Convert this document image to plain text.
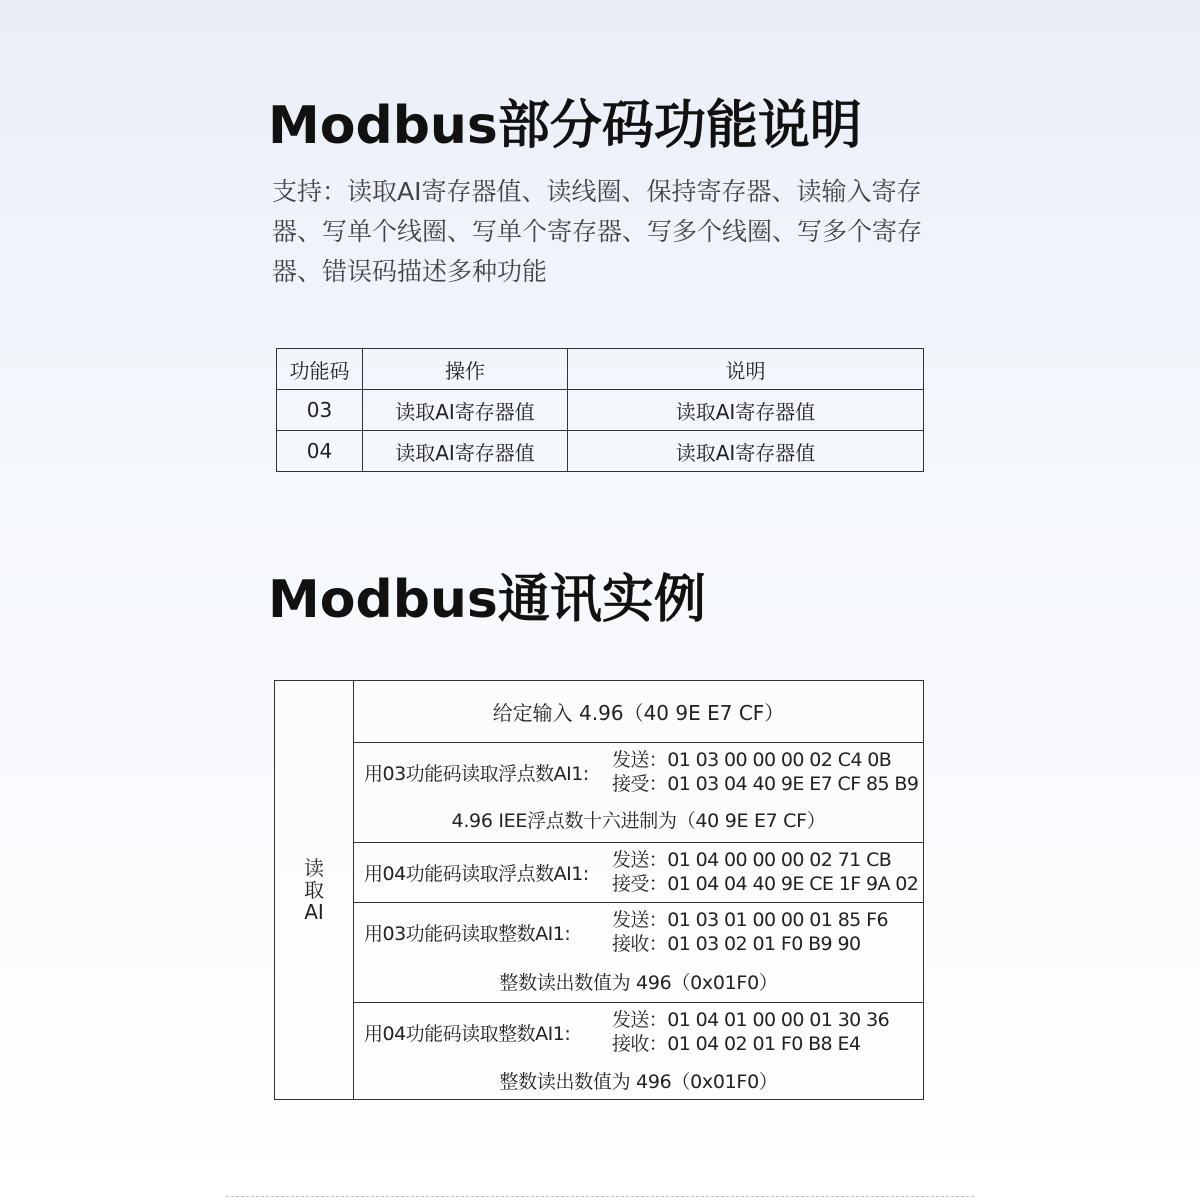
Modbus部分码功能说明

支持：读取AI寄存器值、读线圈、保持寄存器、读输入寄存器、写单个线圈、写单个寄存器、写多个线圈、写多个寄存器、错误码描述多种功能

功能码	操作	说明
03	读取AI寄存器值	读取AI寄存器值
04	读取AI寄存器值	读取AI寄存器值
Modbus通讯实例
读取AI
给定输入 4.96（40 9E E7 CF）
用03功能码读取浮点数AI1:
发送：01 03 00 00 00 02 C4 0B
接受：01 03 04 40 9E E7 CF 85 B9
4.96 IEE浮点数十六进制为（40 9E E7 CF）
用04功能码读取浮点数AI1:
发送：01 04 00 00 00 02 71 CB
接受：01 04 04 40 9E CE 1F 9A 02
用03功能码读取整数AI1:
发送：01 03 01 00 00 01 85 F6
接收：01 03 02 01 F0 B9 90
整数读出数值为 496（0x01F0）
用04功能码读取整数AI1:
发送：01 04 01 00 00 01 30 36
接收：01 04 02 01 F0 B8 E4
整数读出数值为 496（0x01F0）
